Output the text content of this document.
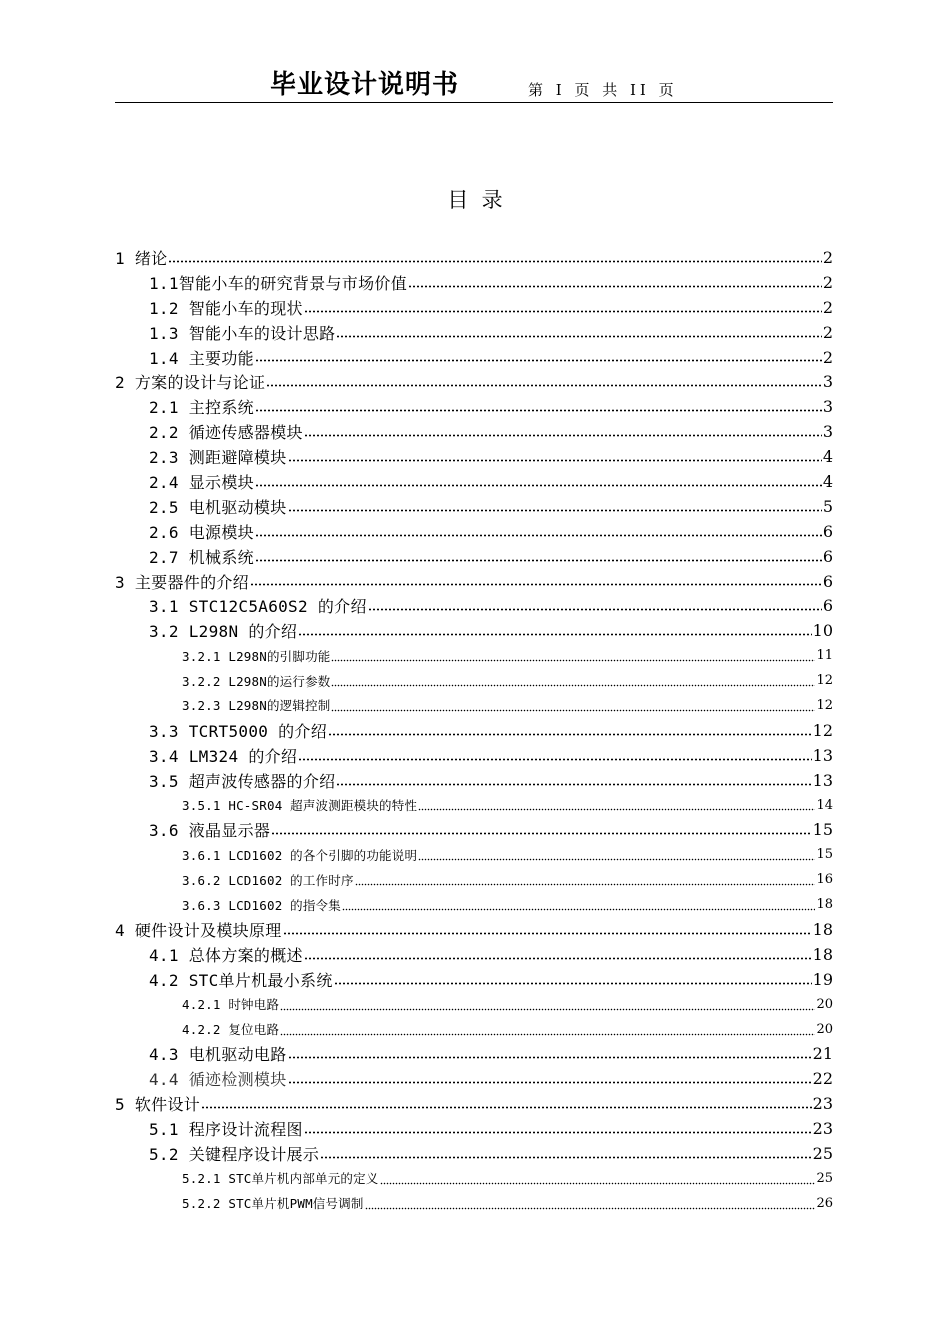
毕业设计说明书	第 I 页 共 II 页
目  录
1 绪论	2
1.1智能小车的研究背景与市场价值	2
1.2 智能小车的现状	2
1.3 智能小车的设计思路	2
1.4 主要功能	2
2 方案的设计与论证	3
2.1 主控系统	3
2.2 循迹传感器模块	3
2.3 测距避障模块	4
2.4 显示模块	4
2.5 电机驱动模块	5
2.6 电源模块	6
2.7 机械系统	6
3 主要器件的介绍	6
3.1 STC12C5A60S2 的介绍	6
3.2 L298N 的介绍	10
3.2.1 L298N的引脚功能	11
3.2.2 L298N的运行参数	12
3.2.3 L298N的逻辑控制	12
3.3 TCRT5000 的介绍	12
3.4 LM324 的介绍	13
3.5 超声波传感器的介绍	13
3.5.1 HC-SR04 超声波测距模块的特性	14
3.6 液晶显示器	15
3.6.1 LCD1602 的各个引脚的功能说明	15
3.6.2 LCD1602 的工作时序	16
3.6.3 LCD1602 的指令集	18
4 硬件设计及模块原理	18
4.1 总体方案的概述	18
4.2 STC单片机最小系统	19
4.2.1 时钟电路	20
4.2.2 复位电路	20
4.3 电机驱动电路	21
4.4 循迹检测模块	22
5 软件设计	23
5.1 程序设计流程图	23
5.2 关键程序设计展示	25
5.2.1 STC单片机内部单元的定义	25
5.2.2 STC单片机PWM信号调制	26
